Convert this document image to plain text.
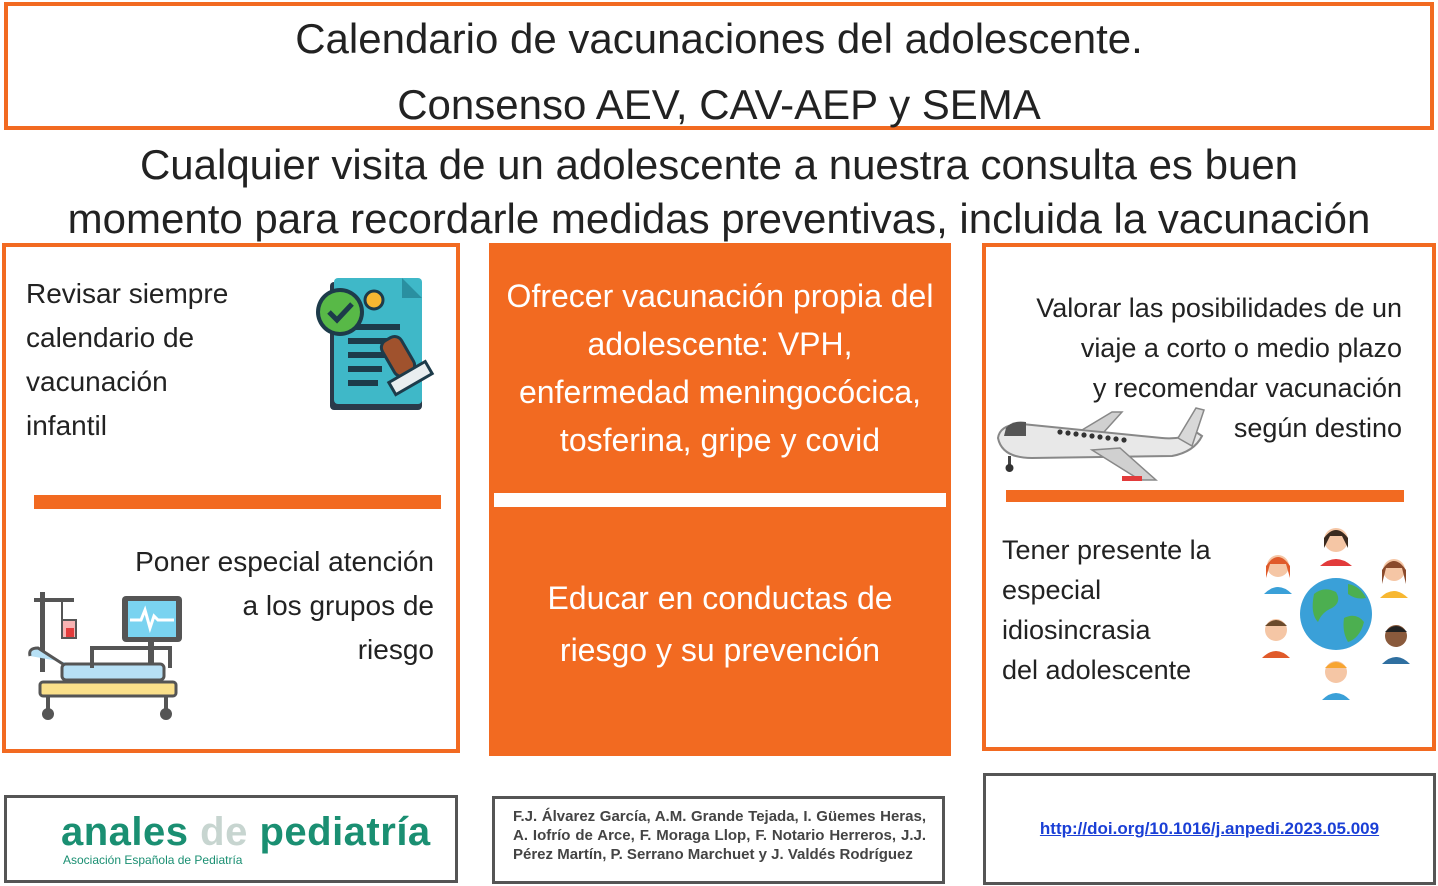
Calendario de vacunaciones del adolescente.
Consenso AEV, CAV-AEP y SEMA
Cualquier visita de un adolescente a nuestra consulta es buen
momento para recordarle medidas preventivas, incluida la vacunación
Revisar siempre
calendario de
vacunación
infantil
Poner especial atención
a los grupos de
riesgo
Ofrecer vacunación propia del
adolescente: VPH,
enfermedad meningocócica,
tosferina, gripe y covid
Educar en conductas de
riesgo y su prevención
Valorar las posibilidades de un
viaje a corto o medio plazo
y recomendar vacunación
según destino
Tener presente la
especial
idiosincrasia
del adolescente
anales de pediatría
Asociación Española de Pediatría
F.J. Álvarez García, A.M. Grande Tejada, I. Güemes Heras, A. Iofrío de Arce, F. Moraga Llop, F. Notario Herreros, J.J. Pérez Martín, P. Serrano Marchuet y J. Valdés Rodríguez
http://doi.org/10.1016/j.anpedi.2023.05.009
